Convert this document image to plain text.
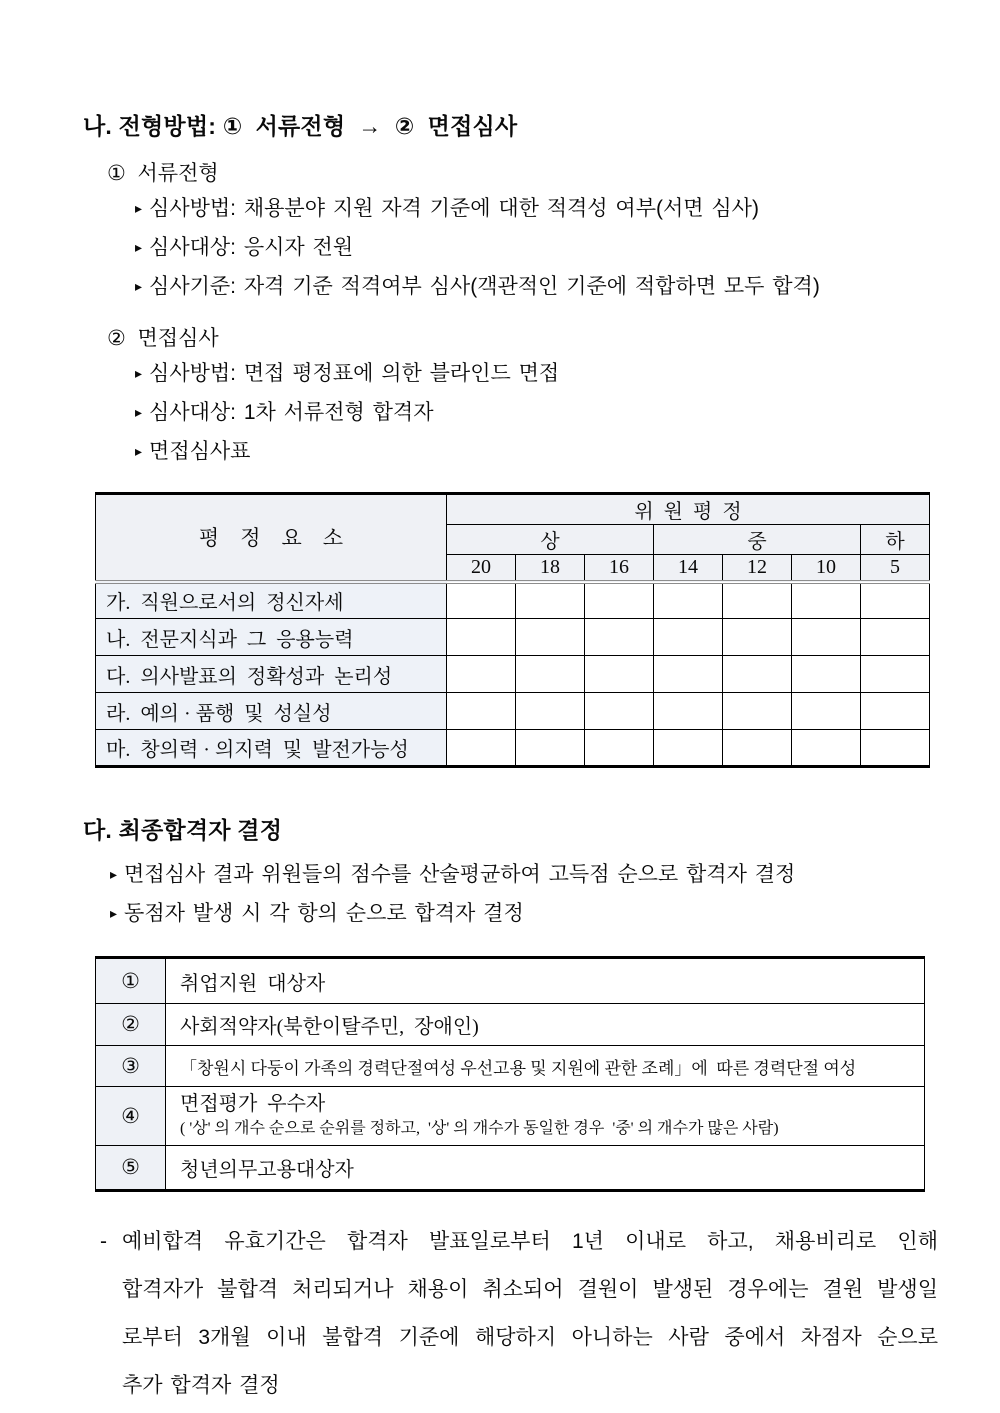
나. 전형방법: ①  서류전형  →  ②  면접심사
①  서류전형
▸ 심사방법: 채용분야 지원 자격 기준에 대한 적격성 여부(서면 심사)
▸ 심사대상: 응시자 전원
▸ 심사기준: 자격 기준 적격여부 심사(객관적인 기준에 적합하면 모두 합격)
②  면접심사
▸ 심사방법: 면접 평정표에 의한 블라인드 면접
▸ 심사대상: 1차 서류전형 합격자
▸ 면접심사표
평    정    요    소	위  원  평  정						
	상			중			하
	20	18	16	14	12	10	5
가.  직원으로서의  정신자세							
나.  전문지식과  그  응용능력							
다.  의사발표의  정확성과  논리성							
라.  예의 · 품행  및  성실성							
마.  창의력 · 의지력  및  발전가능성							
다. 최종합격자 결정
▸ 면접심사 결과 위원들의 점수를 산술평균하여 고득점 순으로 합격자 결정
▸ 동점자 발생 시 각 항의 순으로 합격자 결정
①	취업지원  대상자
②	사회적약자(북한이탈주민,  장애인)
③	「창원시 다둥이 가족의 경력단절여성 우선고용 및 지원에 관한 조례」에  따른 경력단절 여성
④	면접평가  우수자
( '상' 의 개수 순으로 순위를 정하고,  '상' 의 개수가 동일한 경우  '중' 의 개수가 많은 사람)

⑤	청년의무고용대상자
- 예비합격 유효기간은 합격자 발표일로부터 1년 이내로 하고, 채용비리로 인해
합격자가 불합격 처리되거나 채용이 취소되어 결원이 발생된 경우에는 결원 발생일
로부터 3개월 이내 불합격 기준에 해당하지 아니하는 사람 중에서 차점자 순으로
추가 합격자 결정
